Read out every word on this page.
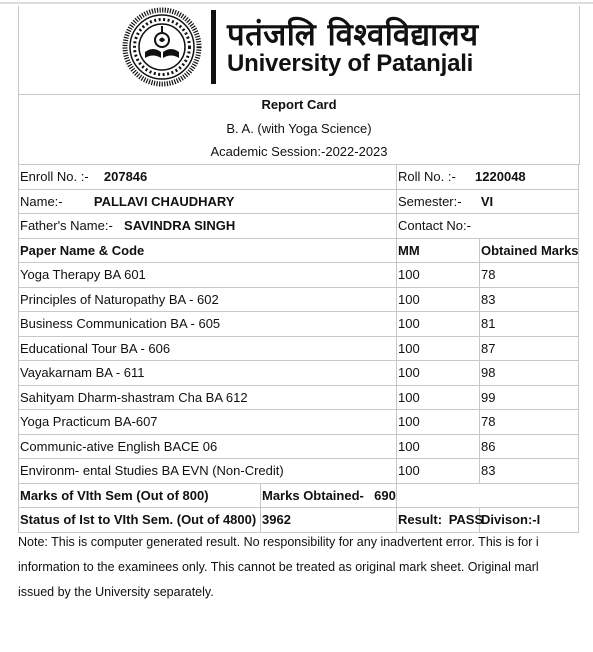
पतंजलि विश्वविद्यालय
University of Patanjali
Report Card
B. A. (with Yoga Science)
Academic Session:-2022-2023
Enroll No. :- 207846		Roll No. :- 1220048	
Name:- PALLAVI CHAUDHARY		Semester:- VI	
Father's Name:- SAVINDRA SINGH		Contact No:-	
Paper Name & Code		MM	Obtained Marks
Yoga Therapy BA 601		100	78
Principles of Naturopathy BA - 602		100	83
Business Communication BA - 605		100	81
Educational Tour BA - 606		100	87
Vayakarnam BA - 611		100	98
Sahityam Dharm-shastram Cha BA 612		100	99
Yoga Practicum BA-607		100	78
Communic-ative English BACE 06		100	86
Environm- ental Studies BA EVN (Non-Credit)		100	83
Marks of VIth Sem (Out of 800)	Marks Obtained- 690		
Status of Ist to VIth Sem. (Out of 4800)	3962	Result: PASS	Divison:-I
Note: This is computer generated result. No responsibility for any inadvertent error. This is for i
information to the examinees only. This cannot be treated as original mark sheet. Original marl
issued by the University separately.
